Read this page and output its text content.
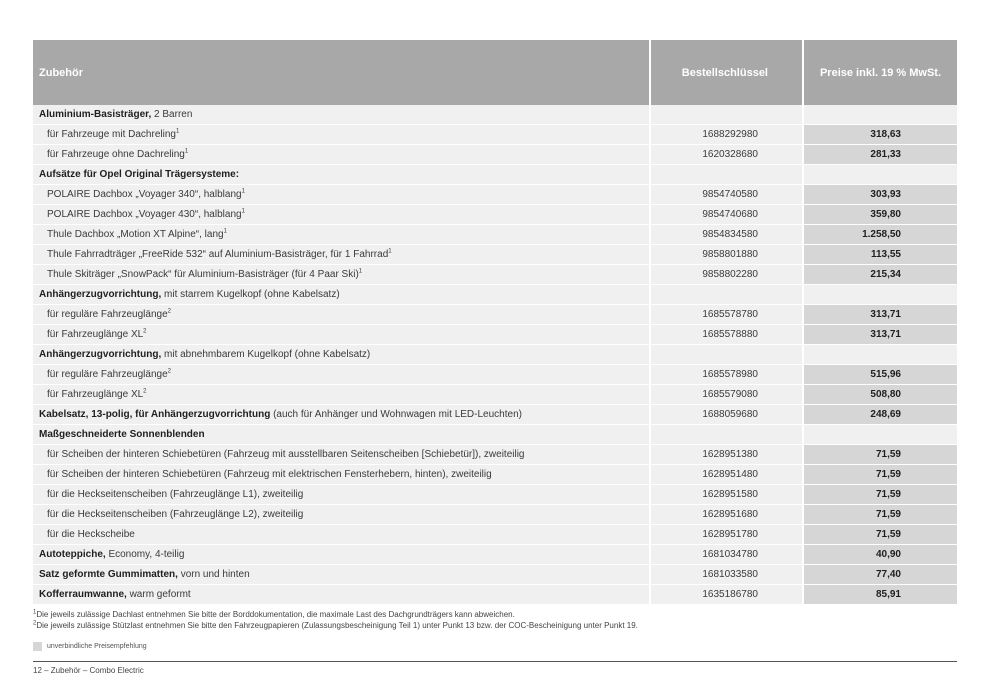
Zubehör	Bestellschlüssel	Preise inkl. 19 % MwSt.
Aluminium-Basisträger, 2 Barren		
für Fahrzeuge mit Dachreling$^1$	1688292980	318,63
für Fahrzeuge ohne Dachreling$^1$	1620328680	281,33
Aufsätze für Opel Original Trägersysteme:		
POLAIRE Dachbox „Voyager 340“, halblang$^1$	9854740580	303,93
POLAIRE Dachbox „Voyager 430“, halblang$^1$	9854740680	359,80
Thule Dachbox „Motion XT Alpine“, lang$^1$	9854834580	1.258,50
Thule Fahrradträger „FreeRide 532“ auf Aluminium-Basisträger, für 1 Fahrrad$^1$	9858801880	113,55
Thule Skiträger „SnowPack“ für Aluminium-Basisträger (für 4 Paar Ski)$^1$	9858802280	215,34
Anhängerzugvorrichtung, mit starrem Kugelkopf (ohne Kabelsatz)		
für reguläre Fahrzeuglänge$^2$	1685578780	313,71
für Fahrzeuglänge $XL^2$	1685578880	313,71
Anhängerzugvorrichtung, mit abnehmbarem Kugelkopf (ohne Kabelsatz)		
für reguläre Fahrzeuglänge$^2$	1685578980	515,96
für Fahrzeuglänge $XL^2$	1685579080	508,80
Kabelsatz, 13-polig, für Anhängerzugvorrichtung (auch für Anhänger und Wohnwagen mit LED-Leuchten)	1688059680	248,69
Maßgeschneiderte Sonnenblenden		
für Scheiben der hinteren Schiebetüren (Fahrzeug mit ausstellbaren Seitenscheiben [Schiebetür]), zweiteilig	1628951380	71,59
für Scheiben der hinteren Schiebetüren (Fahrzeug mit elektrischen Fensterhebern, hinten), zweiteilig	1628951480	71,59
für die Heckseitenscheiben (Fahrzeuglänge L1), zweiteilig	1628951580	71,59
für die Heckseitenscheiben (Fahrzeuglänge L2), zweiteilig	1628951680	71,59
für die Heckscheibe	1628951780	71,59
Autoteppiche, Economy, 4-teilig	1681034780	40,90
Satz geformte Gummimatten, vorn und hinten	1681033580	77,40
Kofferraumwanne, warm geformt	1635186780	85,91
$^1$Die jeweils zulässige Dachlast entnehmen Sie bitte der Borddokumentation, die maximale Last des Dachgrundträgers kann abweichen.
$^2$Die jeweils zulässige Stützlast entnehmen Sie bitte den Fahrzeugpapieren (Zulassungsbescheinigung Teil 1) unter Punkt 13 bzw. der COC-Bescheinigung unter Punkt 19.
unverbindliche Preisempfehlung
12 – Zubehör – Combo Electric
